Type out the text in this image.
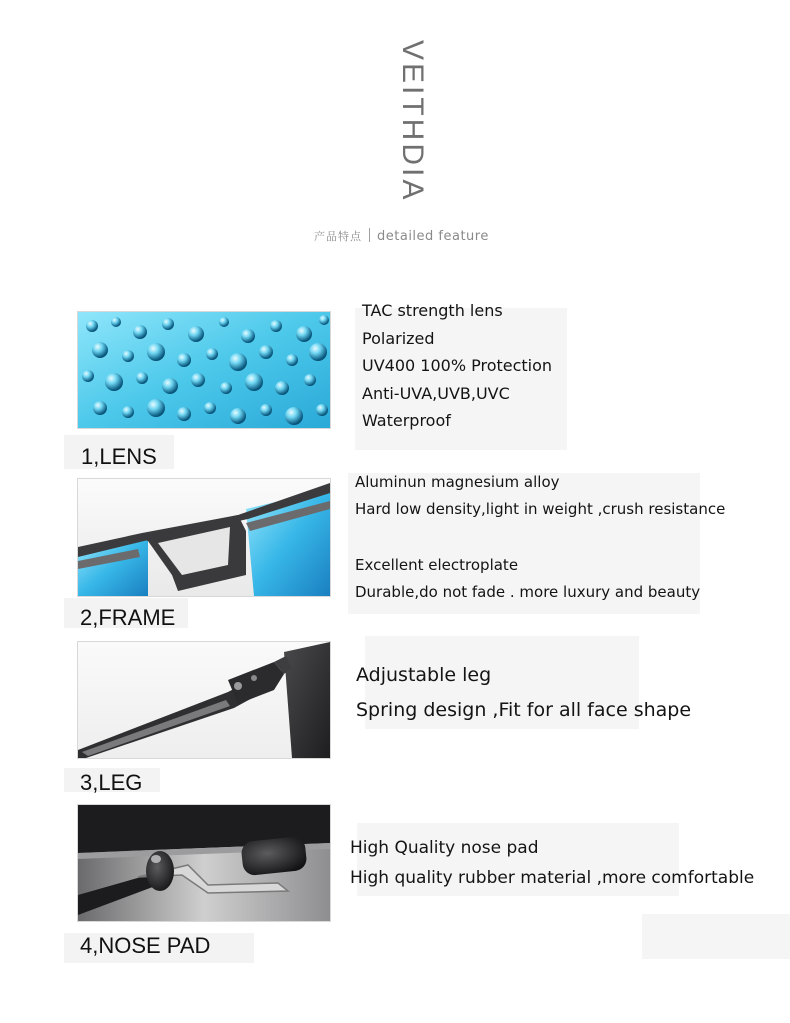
VEITHDIA
产品特点 detailed feature
1,LENS
TAC strength lens
Polarized
UV400 100% Protection
Anti-UVA,UVB,UVC
Waterproof
2,FRAME
Aluminun magnesium alloy
Hard low density,light in weight ,crush resistance
Excellent electroplate
Durable,do not fade . more luxury and beauty
3,LEG
Adjustable leg
Spring design ,Fit for all face shape
4,NOSE PAD
High Quality nose pad
High quality rubber material ,more comfortable
